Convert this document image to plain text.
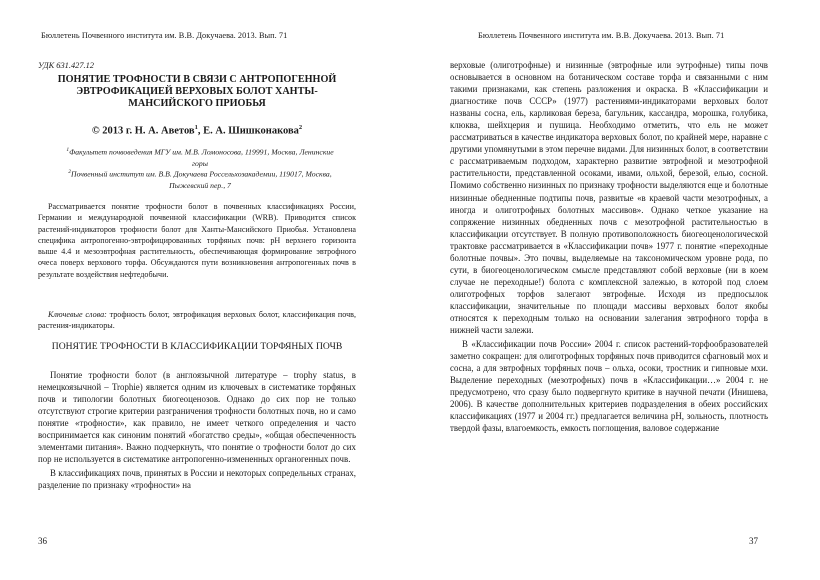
Бюллетень Почвенного института им. В.В. Докучаева. 2013. Вып. 71
УДК 631.427.12
ПОНЯТИЕ ТРОФНОСТИ В СВЯЗИ С АНТРОПОГЕННОЙ ЭВТРОФИКАЦИЕЙ ВЕРХОВЫХ БОЛОТ ХАНТЫ-МАНСИЙСКОГО ПРИОБЬЯ
© 2013 г. Н. А. Аветов$^1$, Е. А. Шишконакова$^2$
$^1$Факультет почвоведения МГУ им. М.В. Ломоносова, 119991, Москва, Ленинские горы
$^2$Почвенный институт им. В.В. Докучаева Россельхозакадемии, 119017, Москва, Пыжевский пер., 7
Рассматривается понятие трофности болот в почвенных классификациях России, Германии и международной почвенной классификации (WRB). Приводится список растений-индикаторов трофности болот для Ханты-Мансийского Приобья. Установлена специфика антропогенно-эвтрофицированных торфяных почв: pH верхнего горизонта выше 4.4 и мезоэвтрофная растительность, обеспечивающая формирование эвтрофного очеса поверх верхового торфа. Обсуждаются пути возникновения антропогенных почв в результате воздействия нефтедобычи.
Ключевые слова: трофность болот, эвтрофикация верховых болот, классификация почв, растения-индикаторы.
ПОНЯТИЕ ТРОФНОСТИ В КЛАССИФИКАЦИИ ТОРФЯНЫХ ПОЧВ

Понятие трофности болот (в англоязычной литературе – trophy status, в немецкоязычной – Trophie) является одним из ключевых в систематике торфяных почв и типологии болотных биогеоценозов. Однако до сих пор не только отсутствуют строгие критерии разграничения трофности болотных почв, но и само понятие «трофности», как правило, не имеет четкого определения и часто воспринимается как синоним понятий «богатство среды», «общая обеспеченность элементами питания». Важно подчеркнуть, что понятие о трофности болот до сих пор не используется в систематике антропогенно-измененных органогенных почв.

В классификациях почв, принятых в России и некоторых сопредельных странах, разделение по признаку «трофности» на

36
Бюллетень Почвенного института им. В.В. Докучаева. 2013. Вып. 71

верховые (олиготрофные) и низинные (эвтрофные или эутрофные) типы почв основывается в основном на ботаническом составе торфа и связанными с ним такими признаками, как степень разложения и окраска. В «Классификации и диагностике почв СССР» (1977) растениями-индикаторами верховых болот названы сосна, ель, карликовая береза, багульник, кассандра, морошка, голубика, клюква, шейхцерия и пушица. Необходимо отметить, что ель не может рассматриваться в качестве индикатора верховых болот, по крайней мере, наравне с другими упомянутыми в этом перечне видами. Для низинных болот, в соответствии с рассматриваемым подходом, характерно развитие эвтрофной и мезотрофной растительности, представленной осоками, ивами, ольхой, березой, елью, сосной. Помимо собственно низинных по признаку трофности выделяются еще и болотные низинные обедненные подтипы почв, развитые «в краевой части мезотрофных, а иногда и олиготрофных болотных массивов». Однако четкое указание на сопряжение низинных обедненных почв с мезотрофной растительностью в классификации отсутствует. В полную противоположность биогеоценологической трактовке рассматривается в «Классификации почв» 1977 г. понятие «переходные болотные почвы». Это почвы, выделяемые на таксономическом уровне рода, по сути, в биогеоценологическом смысле представляют собой верховые (ни в коем случае не переходные!) болота с комплексной залежью, в которой под слоем олиготрофных торфов залегают эвтрофные. Исходя из предпосылок классификации, значительные по площади массивы верховых болот якобы относятся к переходным только на основании залегания эвтрофного торфа в нижней части залежи.

В «Классификации почв России» 2004 г. список растений-торфообразователей заметно сокращен: для олиготрофных торфяных почв приводится сфагновый мох и сосна, а для эвтрофных торфяных почв – ольха, осоки, тростник и гипновые мхи. Выделение переходных (мезотрофных) почв в «Классификации…» 2004 г. не предусмотрено, что сразу было подвергнуто критике в научной печати (Инишева, 2006). В качестве дополнительных критериев подразделения в обеих российских классификациях (1977 и 2004 гг.) предлагается величина pH, зольность, плотность твердой фазы, влагоемкость, емкость поглощения, валовое содержание

37
